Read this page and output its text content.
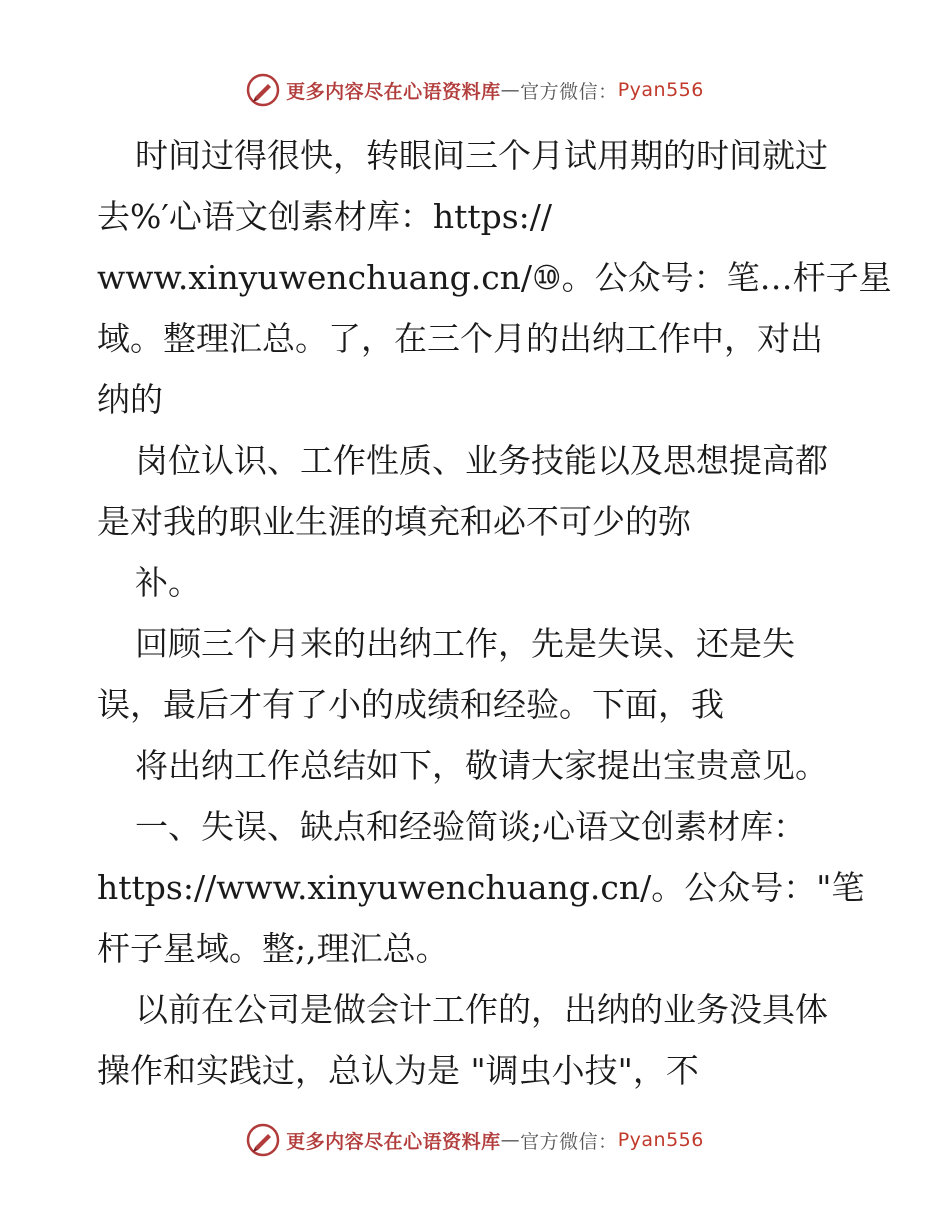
更多内容尽在心语资料库 — 官方微信： Pyan556
时间过得很快，转眼间三个月试用期的时间就过
去%′心语文创素材库：https://
www.xinyuwenchuang.cn/⑩。公众号：笔…杆子星
域。整理汇总。了，在三个月的出纳工作中，对出
纳的
岗位认识、工作性质、业务技能以及思想提高都
是对我的职业生涯的填充和必不可少的弥
补。
回顾三个月来的出纳工作，先是失误、还是失
误，最后才有了小的成绩和经验。下面，我
将出纳工作总结如下，敬请大家提出宝贵意见。
一、失误、缺点和经验简谈;心语文创素材库：
https://www.xinyuwenchuang.cn/。公众号："笔
杆子星域。整;,理汇总。
以前在公司是做会计工作的，出纳的业务没具体
操作和实践过，总认为是 "调虫小技"，不
更多内容尽在心语资料库 — 官方微信： Pyan556
